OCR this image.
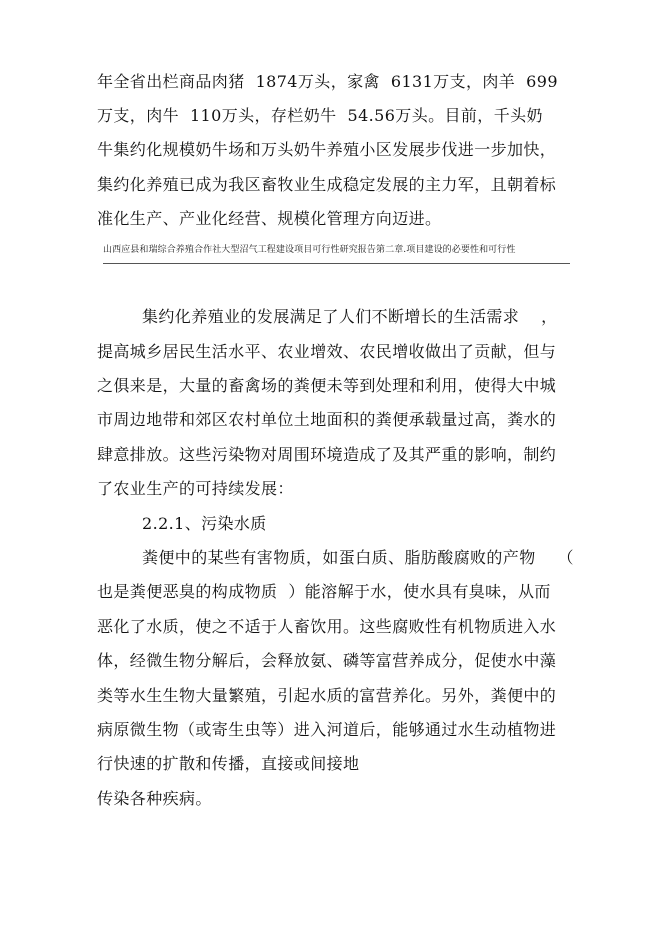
年全省出栏商品肉猪  1874万头，家禽  6131万支，肉羊  699
万支，肉牛  110万头，存栏奶牛  54.56万头。目前，千头奶
牛集约化规模奶牛场和万头奶牛养殖小区发展步伐进一步加快，
集约化养殖已成为我区畜牧业生成稳定发展的主力军，且朝着标
准化生产、产业化经营、规模化管理方向迈进。
山西应县和瑞综合养殖合作社大型沼气工程建设项目可行性研究报告第二章.项目建设的必要性和可行性
集约化养殖业的发展满足了人们不断增长的生活需求    ，
提高城乡居民生活水平、农业增效、农民增收做出了贡献，但与
之俱来是，大量的畜禽场的粪便未等到处理和利用，使得大中城
市周边地带和郊区农村单位土地面积的粪便承载量过高，粪水的
肆意排放。这些污染物对周围环境造成了及其严重的影响，制约
了农业生产的可持续发展：
2.2.1、污染水质
粪便中的某些有害物质，如蛋白质、脂肪酸腐败的产物    （
也是粪便恶臭的构成物质  ）能溶解于水，使水具有臭味，从而
恶化了水质，使之不适于人畜饮用。这些腐败性有机物质进入水
体，经微生物分解后，会释放氨、磷等富营养成分，促使水中藻
类等水生生物大量繁殖，引起水质的富营养化。另外，粪便中的
病原微生物（或寄生虫等）进入河道后，能够通过水生动植物进
行快速的扩散和传播，直接或间接地
传染各种疾病。
